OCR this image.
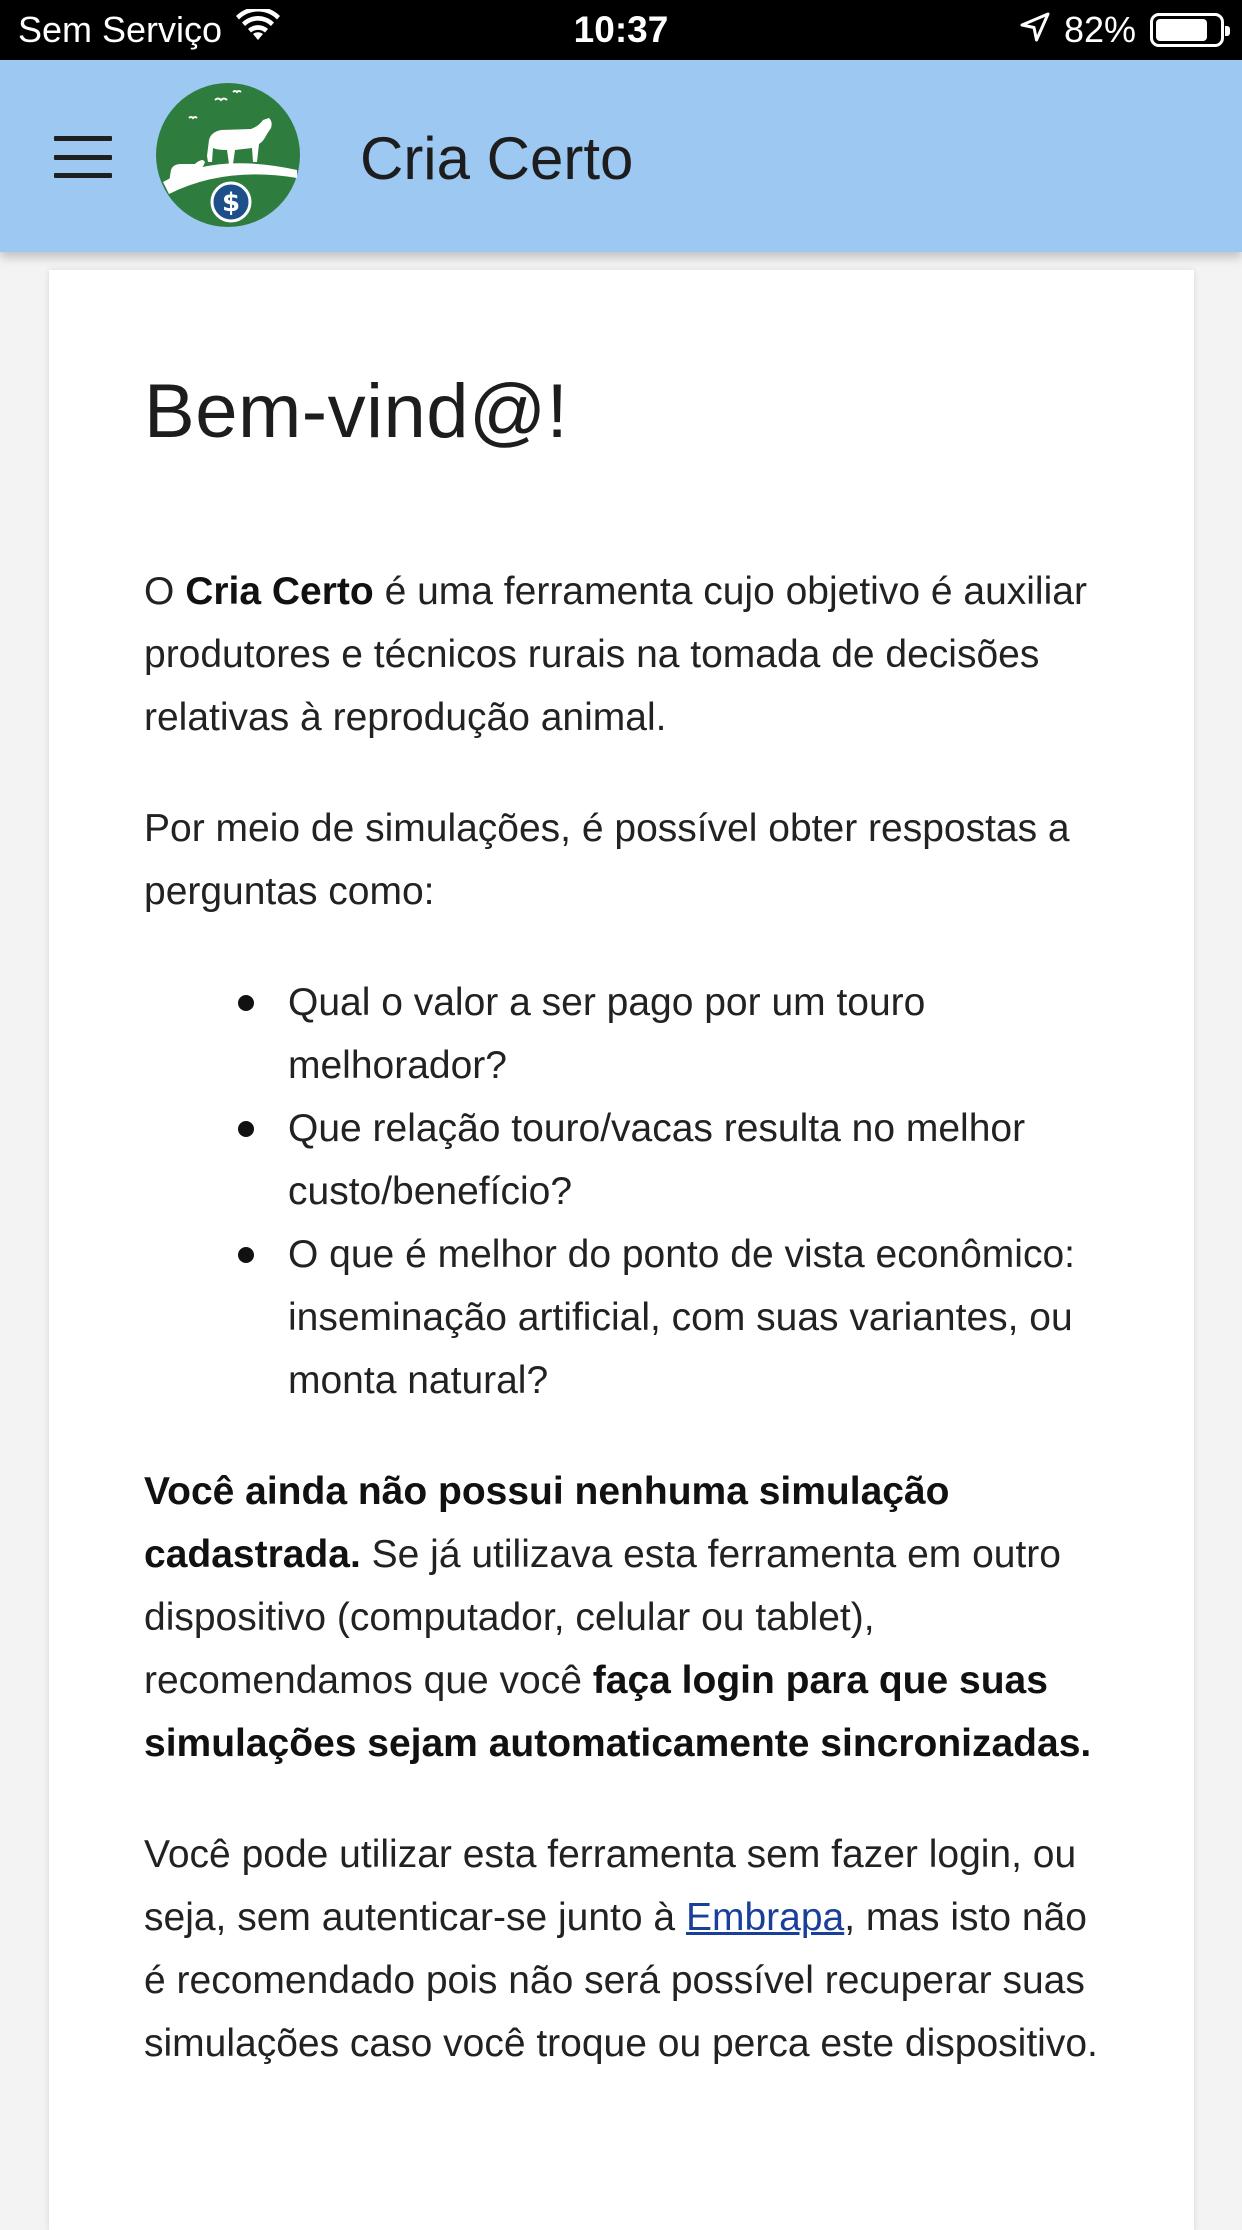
Sem Serviço	10:37	82%
$
Cria Certo
Bem-vind@!

O Cria Certo é uma ferramenta cujo objetivo é auxiliar produtores e técnicos rurais na tomada de decisões relativas à reprodução animal.

Por meio de simulações, é possível obter respostas a perguntas como:

Qual o valor a ser pago por um touro melhorador?
Que relação touro/vacas resulta no melhor custo/benefício?
O que é melhor do ponto de vista econômico: inseminação artificial, com suas variantes, ou monta natural?

Você ainda não possui nenhuma simulação cadastrada. Se já utilizava esta ferramenta em outro dispositivo (computador, celular ou tablet), recomendamos que você faça login para que suas simulações sejam automaticamente sincronizadas.

Você pode utilizar esta ferramenta sem fazer login, ou seja, sem autenticar-se junto à Embrapa, mas isto não é recomendado pois não será possível recuperar suas simulações caso você troque ou perca este dispositivo.
